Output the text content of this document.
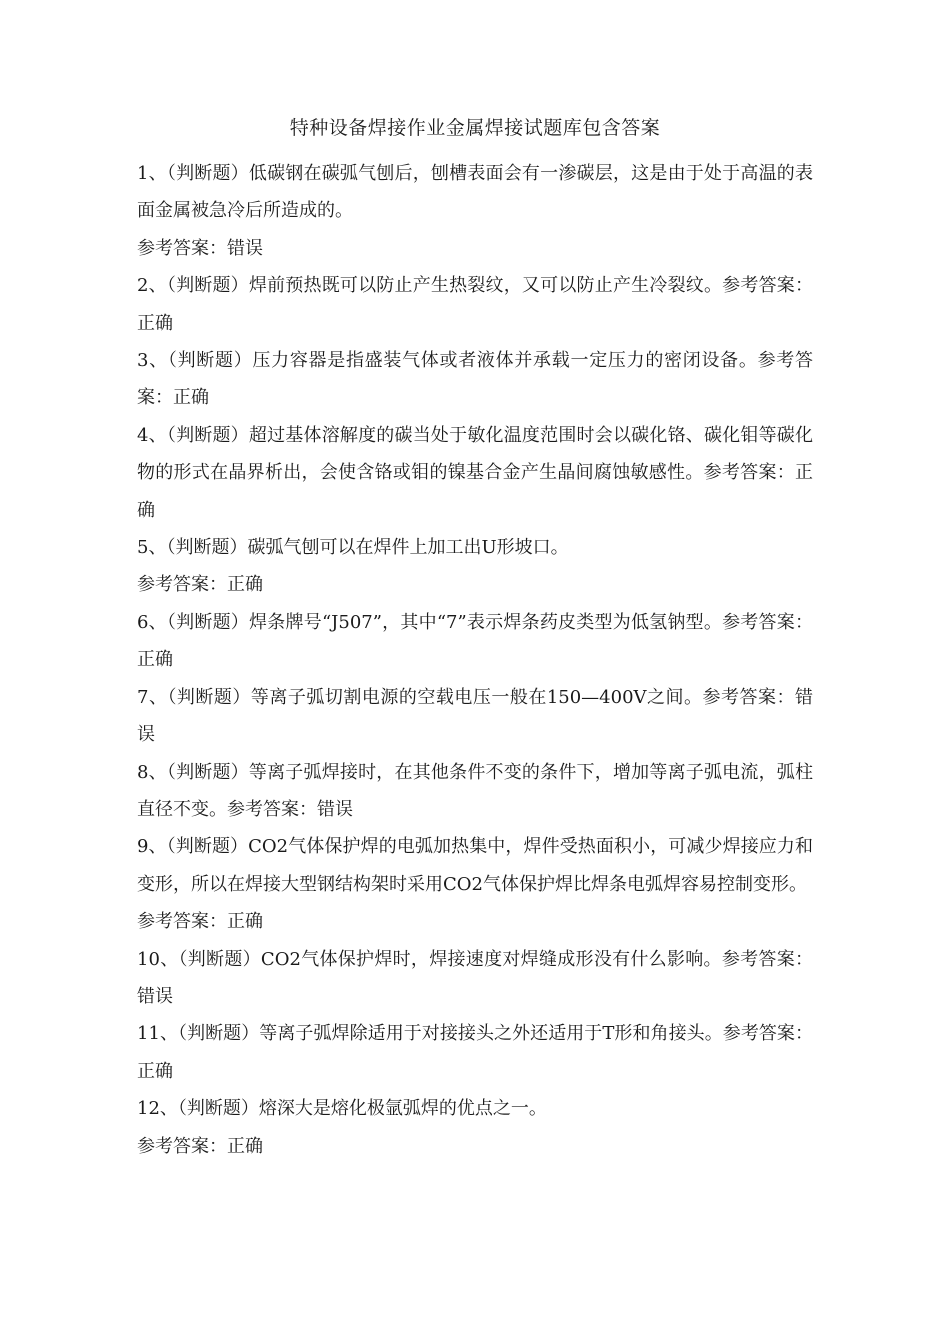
特种设备焊接作业金属焊接试题库包含答案

1、（判断题）低碳钢在碳弧气刨后，刨槽表面会有一渗碳层，这是由于处于高温的表面金属被急冷后所造成的。

参考答案：错误

2、（判断题）焊前预热既可以防止产生热裂纹，又可以防止产生冷裂纹。参考答案：正确

3、（判断题）压力容器是指盛装气体或者液体并承载一定压力的密闭设备。参考答案：正确

4、（判断题）超过基体溶解度的碳当处于敏化温度范围时会以碳化铬、碳化钼等碳化物的形式在晶界析出，会使含铬或钼的镍基合金产生晶间腐蚀敏感性。参考答案：正确

5、（判断题）碳弧气刨可以在焊件上加工出U形坡口。

参考答案：正确

6、（判断题）焊条牌号“J507”，其中“7”表示焊条药皮类型为低氢钠型。参考答案：正确

7、（判断题）等离子弧切割电源的空载电压一般在150—400V之间。参考答案：错误

8、（判断题）等离子弧焊接时，在其他条件不变的条件下，增加等离子弧电流，弧柱直径不变。参考答案：错误

9、（判断题）CO2气体保护焊的电弧加热集中，焊件受热面积小，可减少焊接应力和变形，所以在焊接大型钢结构架时采用CO2气体保护焊比焊条电弧焊容易控制变形。

参考答案：正确

10、（判断题）CO2气体保护焊时，焊接速度对焊缝成形没有什么影响。参考答案：错误

11、（判断题）等离子弧焊除适用于对接接头之外还适用于T形和角接头。参考答案：正确

12、（判断题）熔深大是熔化极氩弧焊的优点之一。

参考答案：正确
